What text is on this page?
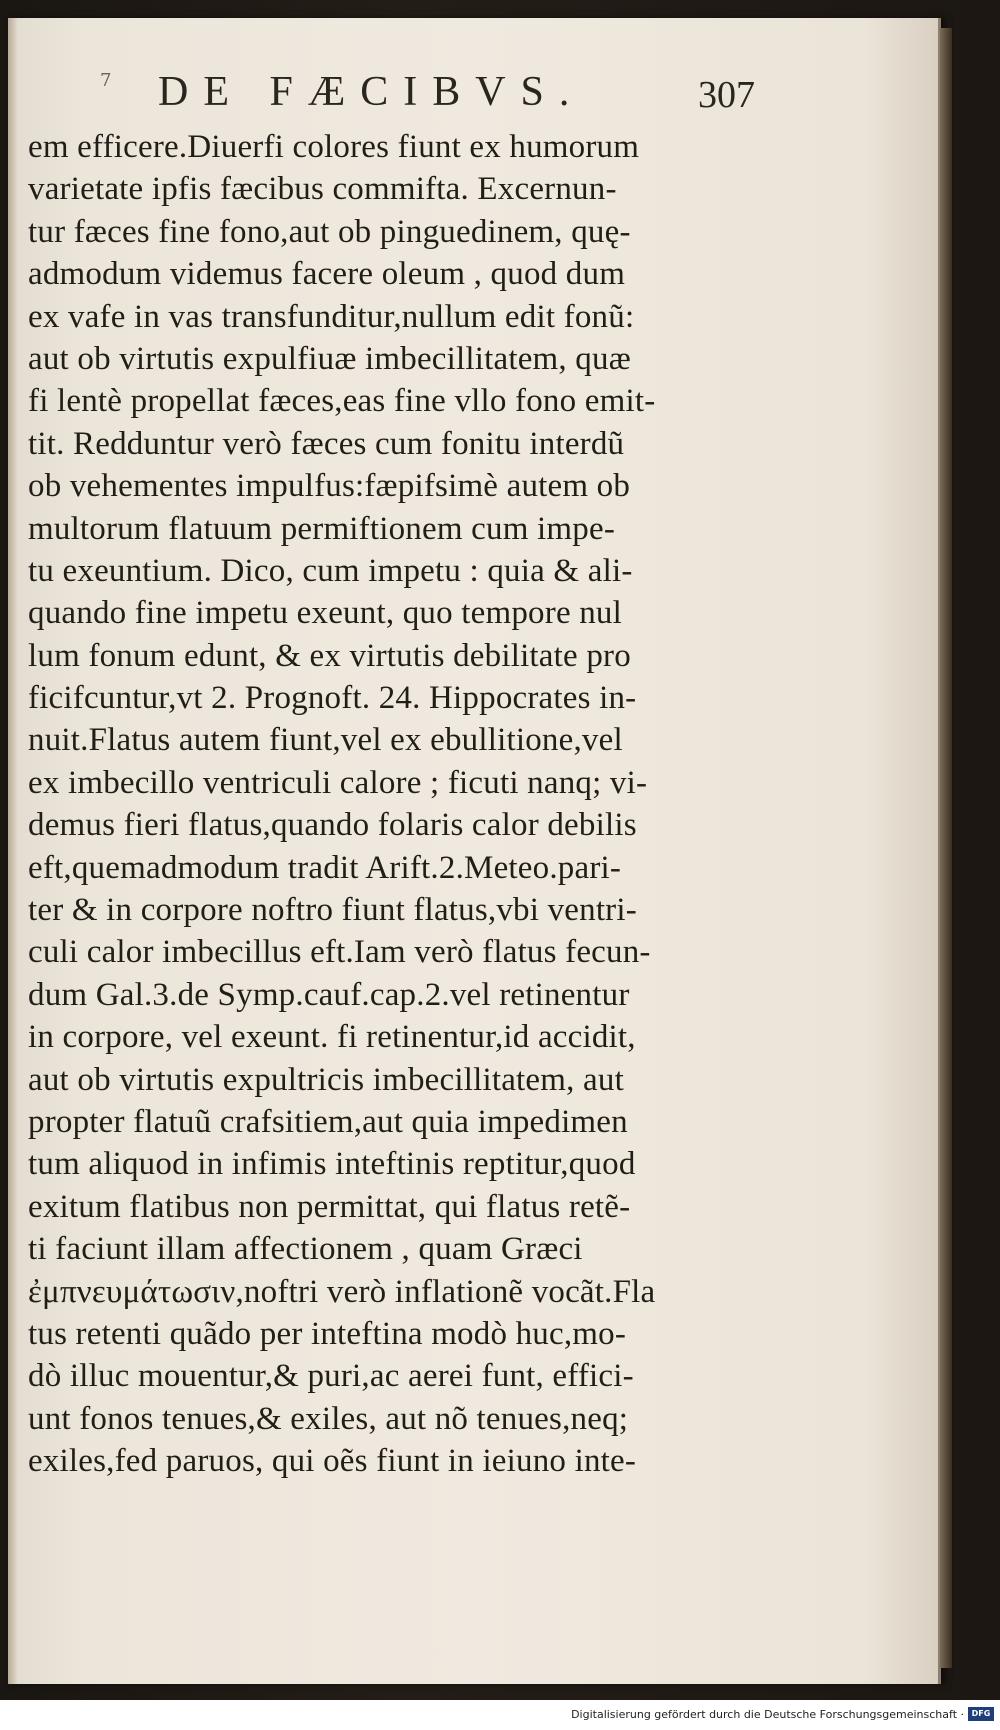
7 DE FÆCIBVS.	307
em efficere.Diuerfi colores fiunt ex humorum
varietate ipfis fæcibus commifta. Excernun-
tur fæces fine fono,aut ob pinguedinem, quę-
admodum videmus facere oleum , quod dum
ex vafe in vas transfunditur,nullum edit fonũ:
aut ob virtutis expulfiuæ imbecillitatem, quæ
fi lentè propellat fæces,eas fine vllo fono emit-
tit. Redduntur verò fæces cum fonitu interdũ
ob vehementes impulfus:fæpifsimè autem ob
multorum flatuum permiftionem cum impe-
tu exeuntium. Dico, cum impetu : quia & ali-
quando fine impetu exeunt, quo tempore nul
lum fonum edunt, & ex virtutis debilitate pro
ficifcuntur,vt 2. Prognoft. 24. Hippocrates in-
nuit.Flatus autem fiunt,vel ex ebullitione,vel
ex imbecillo ventriculi calore ; ficuti nanq; vi-
demus fieri flatus,quando folaris calor debilis
eft,quemadmodum tradit Arift.2.Meteo.pari-
ter & in corpore noftro fiunt flatus,vbi ventri-
culi calor imbecillus eft.Iam verò flatus fecun-
dum Gal.3.de Symp.cauf.cap.2.vel retinentur
in corpore, vel exeunt. fi retinentur,id accidit,
aut ob virtutis expultricis imbecillitatem, aut
propter flatuũ crafsitiem,aut quia impedimen
tum aliquod in infimis inteftinis reptitur,quod
exitum flatibus non permittat, qui flatus retẽ-
ti faciunt illam affectionem , quam Græci
ἐμπνευμάτωσιν,noftri verò inflationẽ vocãt.Fla
tus retenti quãdo per inteftina modò huc,mo-
dò illuc mouentur,& puri,ac aerei funt, effici-
unt fonos tenues,& exiles, aut nõ tenues,neq;
exiles,fed paruos, qui oẽs fiunt in ieiuno inte-
Digitalisierung gefördert durch die Deutsche Forschungsgemeinschaft · DFG
